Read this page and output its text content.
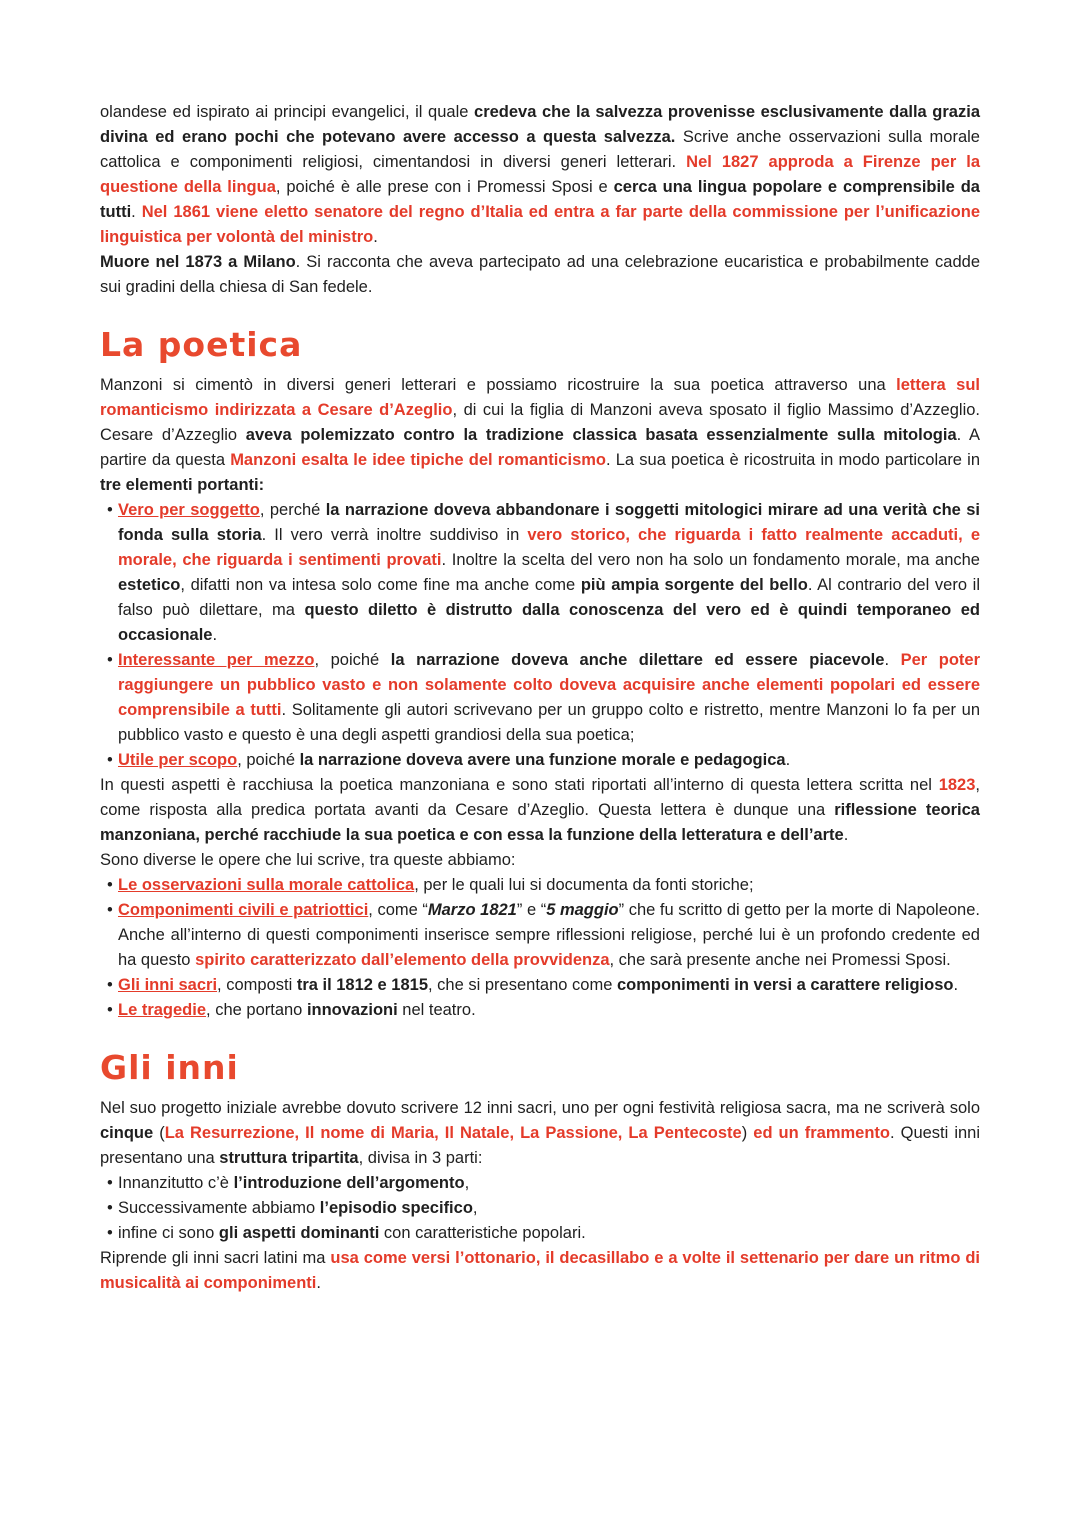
olandese ed ispirato ai principi evangelici, il quale credeva che la salvezza provenisse esclusivamente dalla grazia divina ed erano pochi che potevano avere accesso a questa salvezza. Scrive anche osservazioni sulla morale cattolica e componimenti religiosi, cimentandosi in diversi generi letterari. Nel 1827 approda a Firenze per la questione della lingua, poiché è alle prese con i Promessi Sposi e cerca una lingua popolare e comprensibile da tutti. Nel 1861 viene eletto senatore del regno d’Italia ed entra a far parte della commissione per l’unificazione linguistica per volontà del ministro.

Muore nel 1873 a Milano. Si racconta che aveva partecipato ad una celebrazione eucaristica e probabilmente cadde sui gradini della chiesa di San fedele.

La poetica

Manzoni si cimentò in diversi generi letterari e possiamo ricostruire la sua poetica attraverso una lettera sul romanticismo indirizzata a Cesare d’Azeglio, di cui la figlia di Manzoni aveva sposato il figlio Massimo d’Azzeglio. Cesare d’Azzeglio aveva polemizzato contro la tradizione classica basata essenzialmente sulla mitologia. A partire da questa Manzoni esalta le idee tipiche del romanticismo. La sua poetica è ricostruita in modo particolare in tre elementi portanti:

• Vero per soggetto, perché la narrazione doveva abbandonare i soggetti mitologici mirare ad una verità che si fonda sulla storia. Il vero verrà inoltre suddiviso in vero storico, che riguarda i fatto realmente accaduti, e morale, che riguarda i sentimenti provati. Inoltre la scelta del vero non ha solo un fondamento morale, ma anche estetico, difatti non va intesa solo come fine ma anche come più ampia sorgente del bello. Al contrario del vero il falso può dilettare, ma questo diletto è distrutto dalla conoscenza del vero ed è quindi temporaneo ed occasionale.
• Interessante per mezzo, poiché la narrazione doveva anche dilettare ed essere piacevole. Per poter raggiungere un pubblico vasto e non solamente colto doveva acquisire anche elementi popolari ed essere comprensibile a tutti. Solitamente gli autori scrivevano per un gruppo colto e ristretto, mentre Manzoni lo fa per un pubblico vasto e questo è una degli aspetti grandiosi della sua poetica;
• Utile per scopo, poiché la narrazione doveva avere una funzione morale e pedagogica.

In questi aspetti è racchiusa la poetica manzoniana e sono stati riportati all’interno di questa lettera scritta nel 1823, come risposta alla predica portata avanti da Cesare d’Azeglio. Questa lettera è dunque una riflessione teorica manzoniana, perché racchiude la sua poetica e con essa la funzione della letteratura e dell’arte.

Sono diverse le opere che lui scrive, tra queste abbiamo:

• Le osservazioni sulla morale cattolica, per le quali lui si documenta da fonti storiche;
• Componimenti civili e patriottici, come “Marzo 1821” e “5 maggio” che fu scritto di getto per la morte di Napoleone. Anche all’interno di questi componimenti inserisce sempre riflessioni religiose, perché lui è un profondo credente ed ha questo spirito caratterizzato dall’elemento della provvidenza, che sarà presente anche nei Promessi Sposi.
• Gli inni sacri, composti tra il 1812 e 1815, che si presentano come componimenti in versi a carattere religioso.
• Le tragedie, che portano innovazioni nel teatro.
Gli inni

Nel suo progetto iniziale avrebbe dovuto scrivere 12 inni sacri, uno per ogni festività religiosa sacra, ma ne scriverà solo cinque (La Resurrezione, Il nome di Maria, Il Natale, La Passione, La Pentecoste) ed un frammento. Questi inni presentano una struttura tripartita, divisa in 3 parti:

• Innanzitutto c’è l’introduzione dell’argomento,
• Successivamente abbiamo l’episodio specifico,
• infine ci sono gli aspetti dominanti con caratteristiche popolari.

Riprende gli inni sacri latini ma usa come versi l’ottonario, il decasillabo e a volte il settenario per dare un ritmo di musicalità ai componimenti.
